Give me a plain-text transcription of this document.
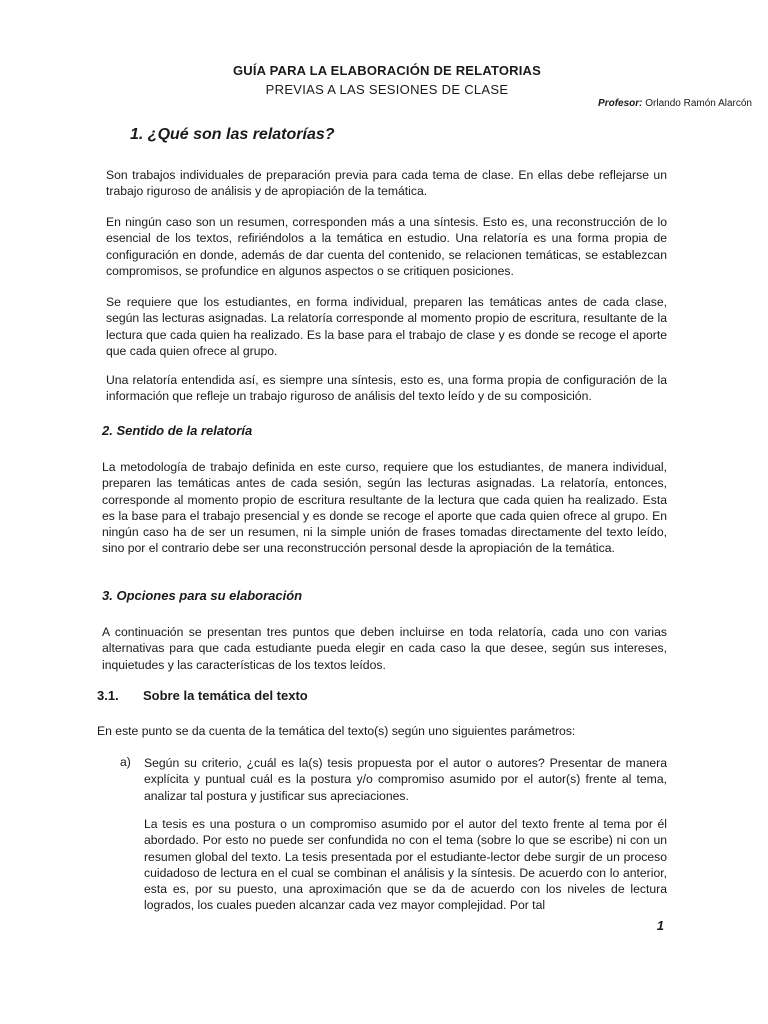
GUÍA PARA LA ELABORACIÓN DE RELATORIAS
PREVIAS A LAS SESIONES DE CLASE
Profesor: Orlando Ramón Alarcón
1. ¿Qué son las relatorías?

Son trabajos individuales de preparación previa para cada tema de clase. En ellas debe reflejarse un trabajo riguroso de análisis y de apropiación de la temática.

En ningún caso son un resumen, corresponden más a una síntesis. Esto es, una reconstrucción de lo esencial de los textos, refiriéndolos a la temática en estudio. Una relatoría es una forma propia de configuración en donde, además de dar cuenta del contenido, se relacionen temáticas, se establezcan compromisos, se profundice en algunos aspectos o se critiquen posiciones.

Se requiere que los estudiantes, en forma individual, preparen las temáticas antes de cada clase, según las lecturas asignadas. La relatoría corresponde al momento propio de escritura, resultante de la lectura que cada quien ha realizado. Es la base para el trabajo de clase y es donde se recoge el aporte que cada quien ofrece al grupo.

Una relatoría entendida así, es siempre una síntesis, esto es, una forma propia de configuración de la información que refleje un trabajo riguroso de análisis del texto leído y de su composición.

2. Sentido de la relatoría

La metodología de trabajo definida en este curso, requiere que los estudiantes, de manera individual, preparen las temáticas antes de cada sesión, según las lecturas asignadas. La relatoría, entonces, corresponde al momento propio de escritura resultante de la lectura que cada quien ha realizado. Esta es la base para el trabajo presencial y es donde se recoge el aporte que cada quien ofrece al grupo. En ningún caso ha de ser un resumen, ni la simple unión de frases tomadas directamente del texto leído, sino por el contrario debe ser una reconstrucción personal desde la apropiación de la temática.

3. Opciones para su elaboración

A continuación se presentan tres puntos que deben incluirse en toda relatoría, cada uno con varias alternativas para que cada estudiante pueda elegir en cada caso la que desee, según sus intereses, inquietudes y las características de los textos leídos.

3.1. Sobre la temática del texto

En este punto se da cuenta de la temática del texto(s) según uno siguientes parámetros:

a) Según su criterio, ¿cuál es la(s) tesis propuesta por el autor o autores? Presentar de manera explícita y puntual cuál es la postura y/o compromiso asumido por el autor(s) frente al tema, analizar tal postura y justificar sus apreciaciones.

La tesis es una postura o un compromiso asumido por el autor del texto frente al tema por él abordado. Por esto no puede ser confundida no con el tema (sobre lo que se escribe) ni con un resumen global del texto. La tesis presentada por el estudiante-lector debe surgir de un proceso cuidadoso de lectura en el cual se combinan el análisis y la síntesis. De acuerdo con lo anterior, esta es, por su puesto, una aproximación que se da de acuerdo con los niveles de lectura logrados, los cuales pueden alcanzar cada vez mayor complejidad. Por tal

1
